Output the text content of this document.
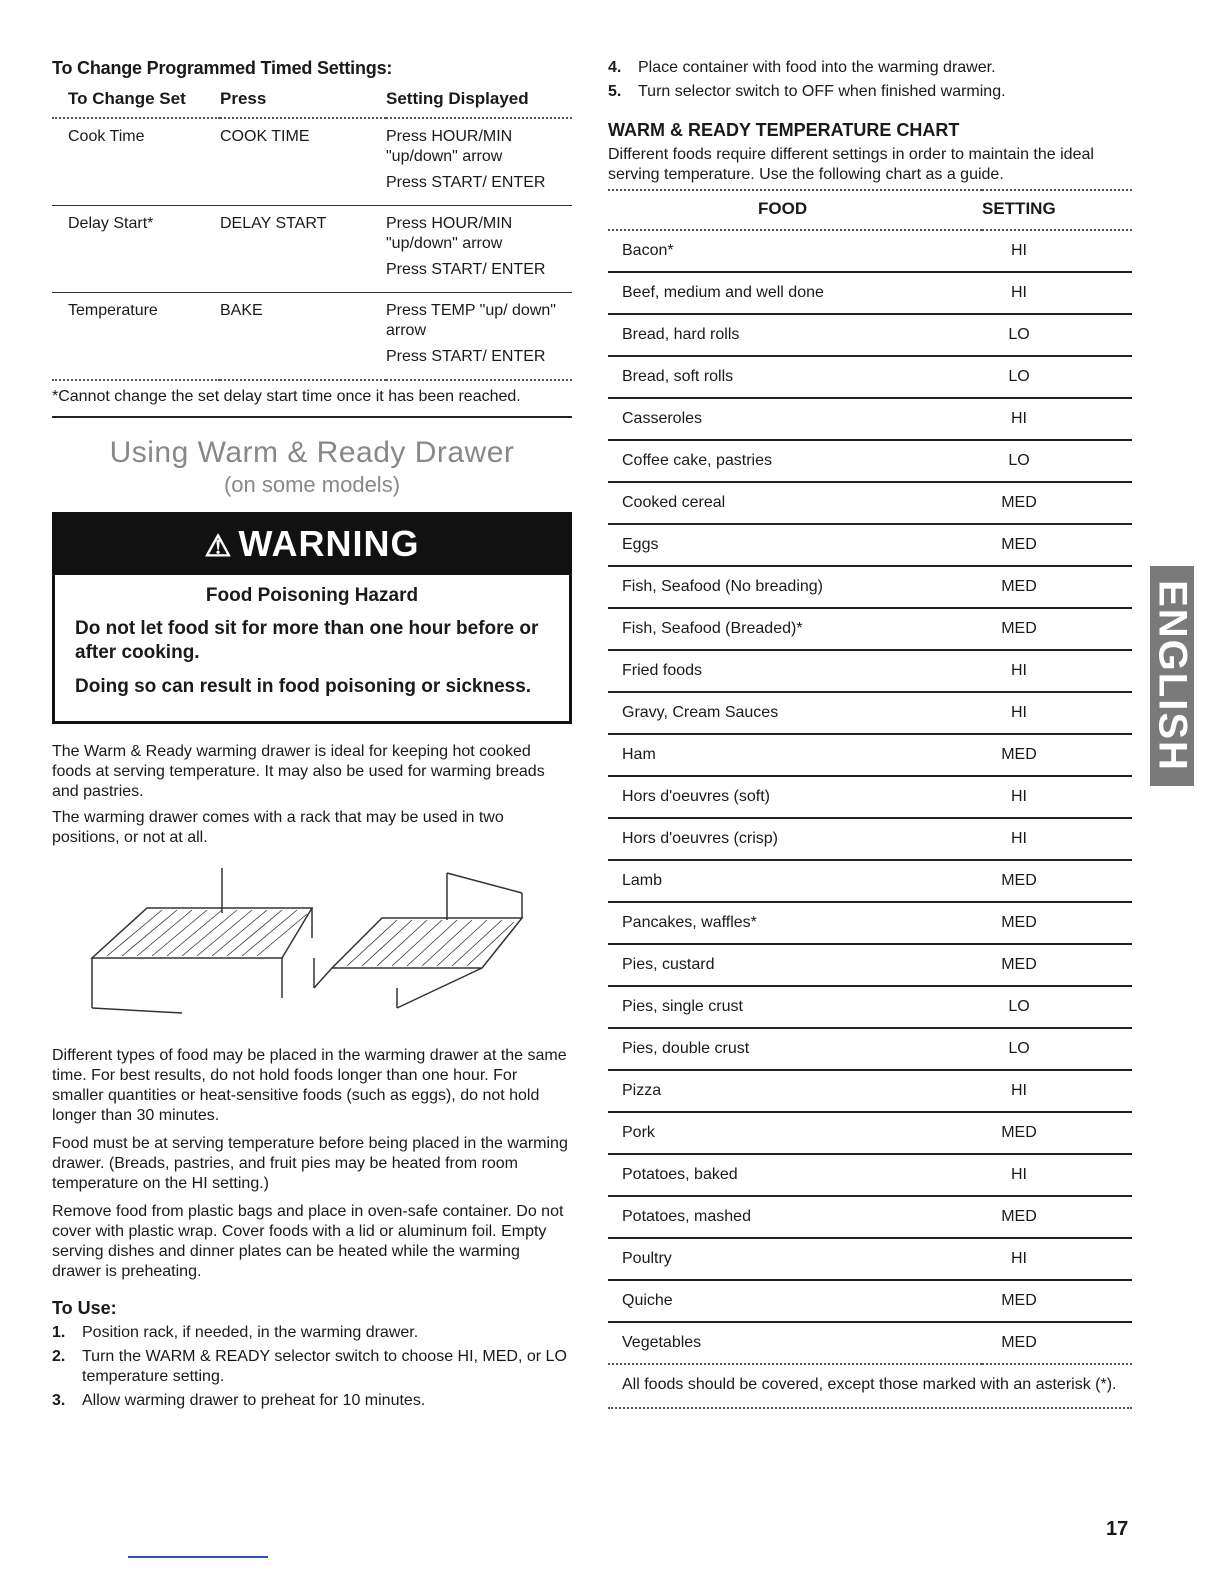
To Change Programmed Timed Settings:
To Change Set	Press	Setting Displayed
Cook Time	COOK TIME	Press HOUR/MIN "up/down" arrow
Press START/ ENTER

Delay Start*	DELAY START	Press HOUR/MIN "up/down" arrow
Press START/ ENTER

Temperature	BAKE	Press TEMP "up/ down" arrow
Press START/ ENTER
*Cannot change the set delay start time once it has been reached.
Using Warm & Ready Drawer
(on some models)
⚠ WARNING
Food Poisoning Hazard
Do not let food sit for more than one hour before or after cooking.
Doing so can result in food poisoning or sickness.
The Warm & Ready warming drawer is ideal for keeping hot cooked foods at serving temperature. It may also be used for warming breads and pastries.
The warming drawer comes with a rack that may be used in two positions, or not at all.
Different types of food may be placed in the warming drawer at the same time. For best results, do not hold foods longer than one hour. For smaller quantities or heat-sensitive foods (such as eggs), do not hold longer than 30 minutes.
Food must be at serving temperature before being placed in the warming drawer. (Breads, pastries, and fruit pies may be heated from room temperature on the HI setting.)
Remove food from plastic bags and place in oven-safe container. Do not cover with plastic wrap. Cover foods with a lid or aluminum foil. Empty serving dishes and dinner plates can be heated while the warming drawer is preheating.
To Use:
1.	Position rack, if needed, in the warming drawer.
2.	Turn the WARM & READY selector switch to choose HI, MED, or LO temperature setting.
3.	Allow warming drawer to preheat for 10 minutes.
4.	Place container with food into the warming drawer.
5.	Turn selector switch to OFF when finished warming.
WARM & READY TEMPERATURE CHART
Different foods require different settings in order to maintain the ideal serving temperature. Use the following chart as a guide.
FOOD	SETTING
Bacon*	HI
Beef, medium and well done	HI
Bread, hard rolls	LO
Bread, soft rolls	LO
Casseroles	HI
Coffee cake, pastries	LO
Cooked cereal	MED
Eggs	MED
Fish, Seafood (No breading)	MED
Fish, Seafood (Breaded)*	MED
Fried foods	HI
Gravy, Cream Sauces	HI
Ham	MED
Hors d'oeuvres (soft)	HI
Hors d'oeuvres (crisp)	HI
Lamb	MED
Pancakes, waffles*	MED
Pies, custard	MED
Pies, single crust	LO
Pies, double crust	LO
Pizza	HI
Pork	MED
Potatoes, baked	HI
Potatoes, mashed	MED
Poultry	HI
Quiche	MED
Vegetables	MED
All foods should be covered, except those marked with an asterisk (*).
ENGLISH
17
